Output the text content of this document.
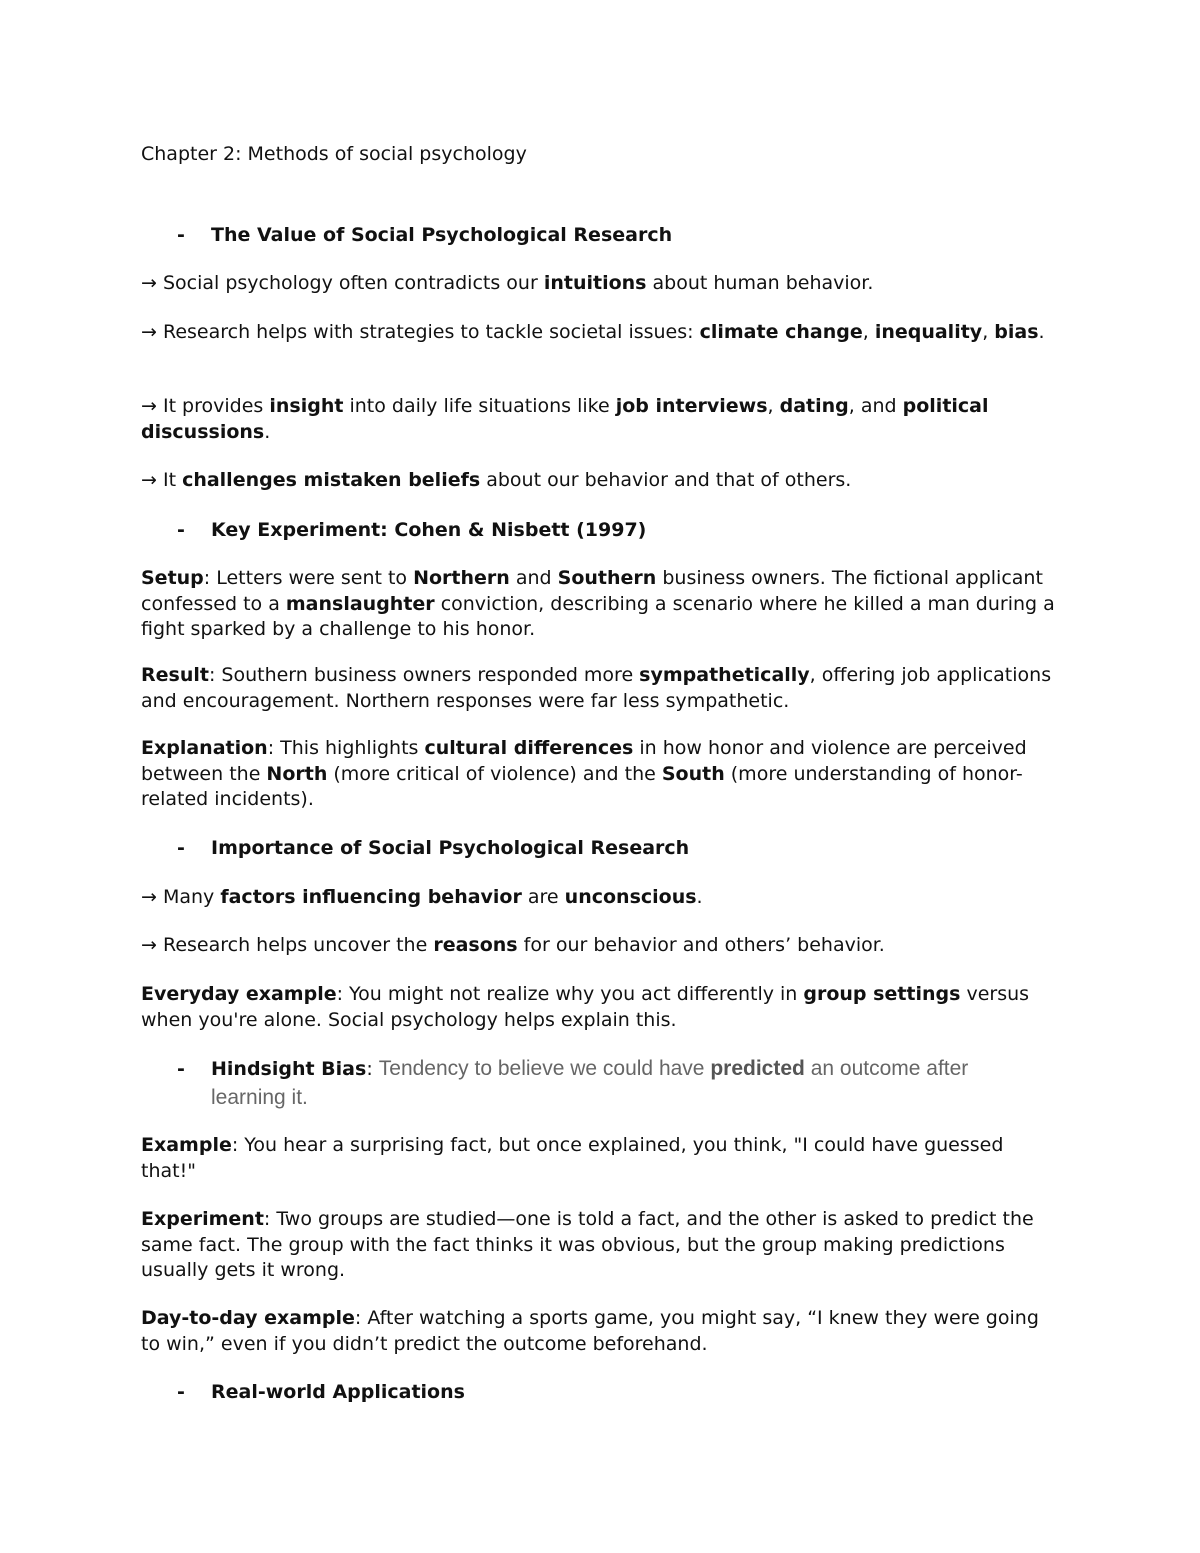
Chapter 2: Methods of social psychology
- The Value of Social Psychological Research
→ Social psychology often contradicts our intuitions about human behavior.
→ Research helps with strategies to tackle societal issues: climate change, inequality, bias.
→ It provides insight into daily life situations like job interviews, dating, and political discussions.
→ It challenges mistaken beliefs about our behavior and that of others.
- Key Experiment: Cohen & Nisbett (1997)
Setup: Letters were sent to Northern and Southern business owners. The fictional applicant confessed to a manslaughter conviction, describing a scenario where he killed a man during a fight sparked by a challenge to his honor.
Result: Southern business owners responded more sympathetically, offering job applications and encouragement. Northern responses were far less sympathetic.
Explanation: This highlights cultural differences in how honor and violence are perceived between the North (more critical of violence) and the South (more understanding of honor-related incidents).
- Importance of Social Psychological Research
→ Many factors influencing behavior are unconscious.
→ Research helps uncover the reasons for our behavior and others’ behavior.
Everyday example: You might not realize why you act differently in group settings versus when you're alone. Social psychology helps explain this.
- Hindsight Bias: Tendency to believe we could have predicted an outcome after
learning it.
Example: You hear a surprising fact, but once explained, you think, "I could have guessed that!"
Experiment: Two groups are studied—one is told a fact, and the other is asked to predict the same fact. The group with the fact thinks it was obvious, but the group making predictions usually gets it wrong.
Day-to-day example: After watching a sports game, you might say, “I knew they were going to win,” even if you didn’t predict the outcome beforehand.
- Real-world Applications
